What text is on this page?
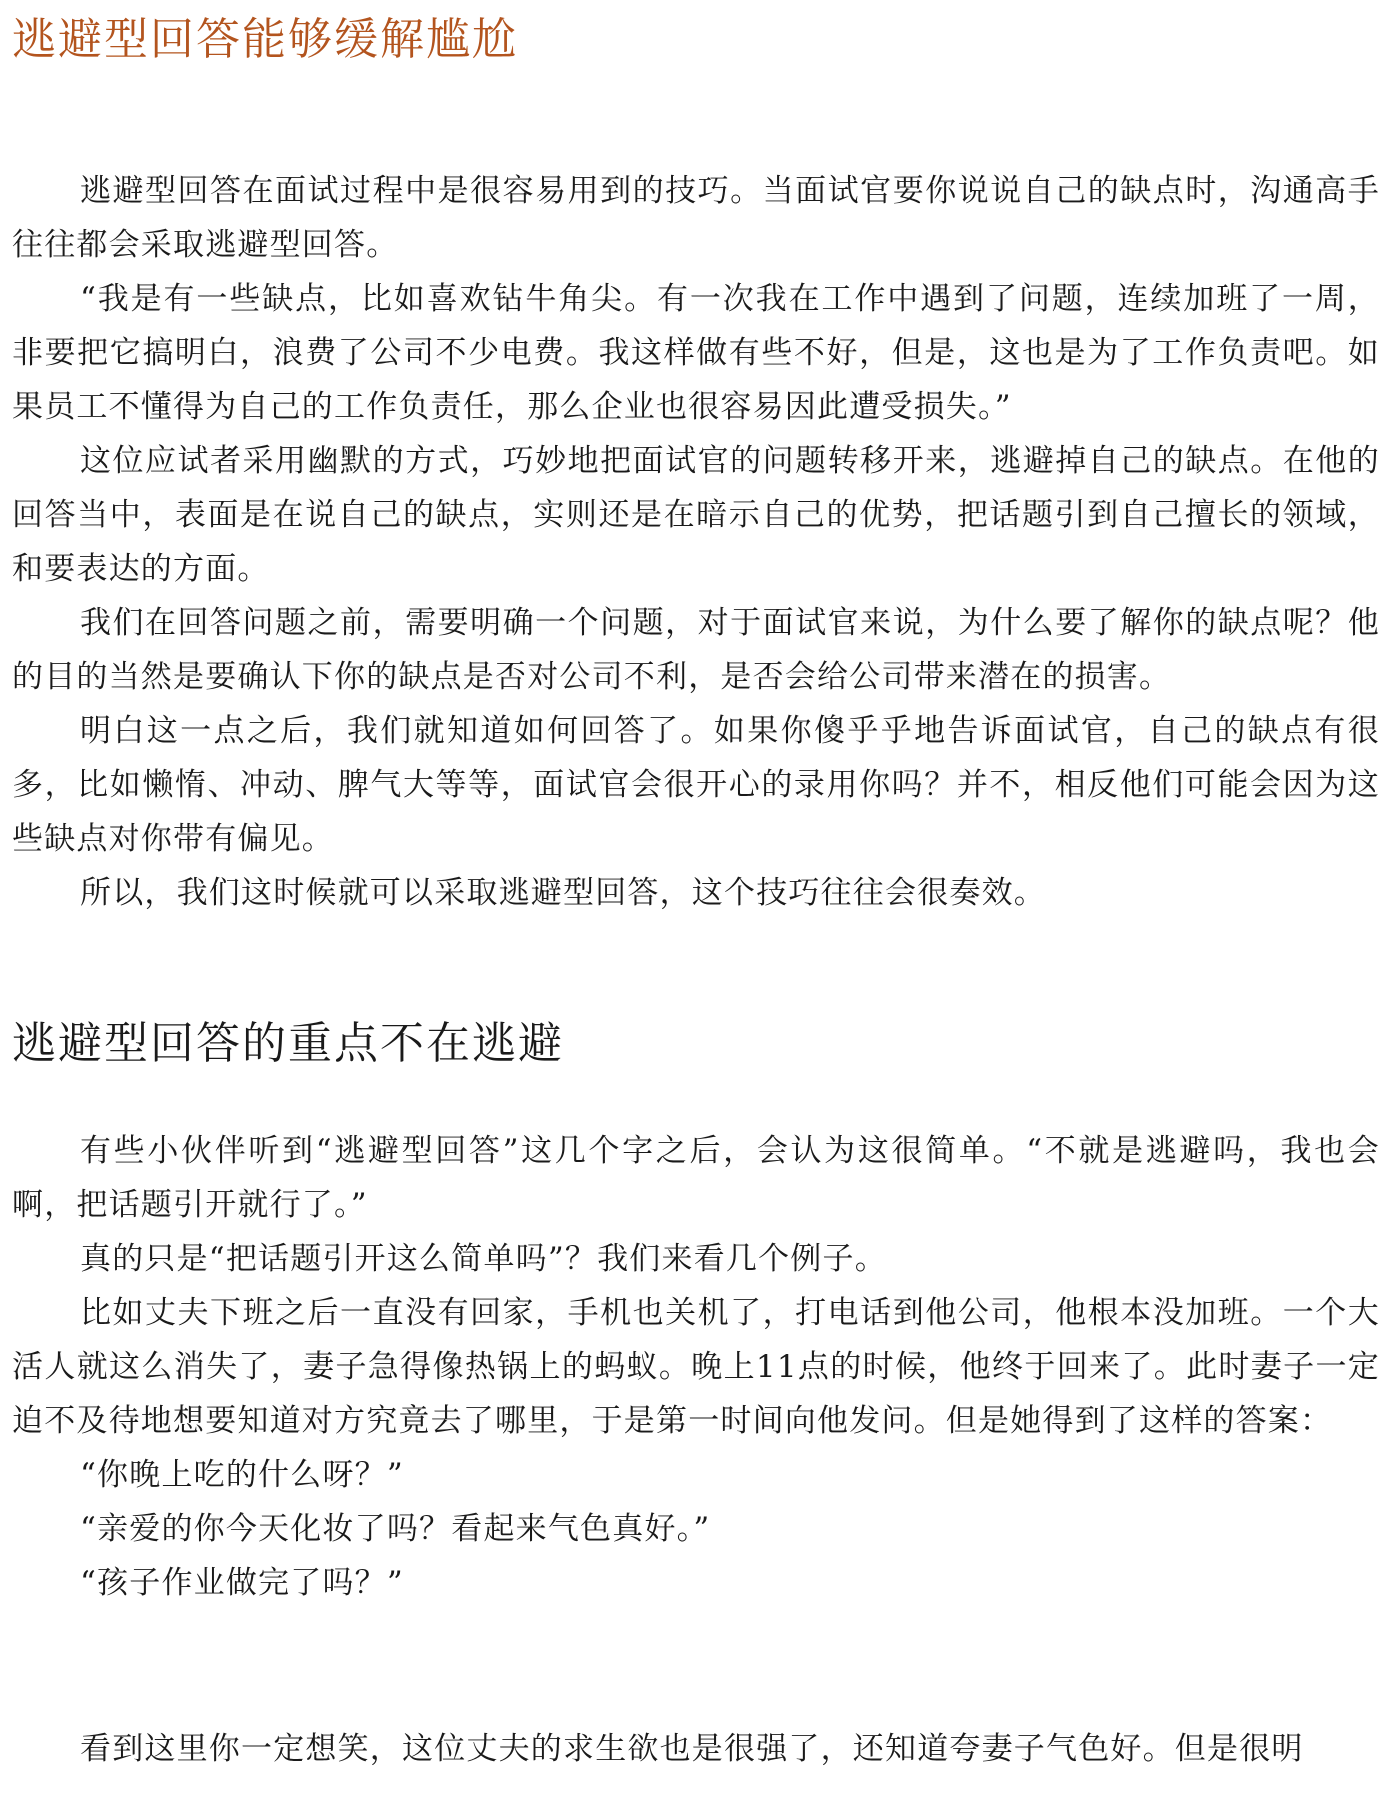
逃避型回答能够缓解尴尬

逃避型回答在面试过程中是很容易用到的技巧。当面试官要你说说自己的缺点时，沟通高手往往都会采取逃避型回答。

“我是有一些缺点，比如喜欢钻牛角尖。有一次我在工作中遇到了问题，连续加班了一周，非要把它搞明白，浪费了公司不少电费。我这样做有些不好，但是，这也是为了工作负责吧。如果员工不懂得为自己的工作负责任，那么企业也很容易因此遭受损失。”

这位应试者采用幽默的方式，巧妙地把面试官的问题转移开来，逃避掉自己的缺点。在他的回答当中，表面是在说自己的缺点，实则还是在暗示自己的优势，把话题引到自己擅长的领域，和要表达的方面。

我们在回答问题之前，需要明确一个问题，对于面试官来说，为什么要了解你的缺点呢？他的目的当然是要确认下你的缺点是否对公司不利，是否会给公司带来潜在的损害。

明白这一点之后，我们就知道如何回答了。如果你傻乎乎地告诉面试官，自己的缺点有很多，比如懒惰、冲动、脾气大等等，面试官会很开心的录用你吗？并不，相反他们可能会因为这些缺点对你带有偏见。

所以，我们这时候就可以采取逃避型回答，这个技巧往往会很奏效。

逃避型回答的重点不在逃避

有些小伙伴听到“逃避型回答”这几个字之后，会认为这很简单。“不就是逃避吗，我也会啊，把话题引开就行了。”

真的只是“把话题引开这么简单吗”？我们来看几个例子。

比如丈夫下班之后一直没有回家，手机也关机了，打电话到他公司，他根本没加班。一个大活人就这么消失了，妻子急得像热锅上的蚂蚁。晚上11点的时候，他终于回来了。此时妻子一定迫不及待地想要知道对方究竟去了哪里，于是第一时间向他发问。但是她得到了这样的答案：

“你晚上吃的什么呀？”

“亲爱的你今天化妆了吗？看起来气色真好。”

“孩子作业做完了吗？”

看到这里你一定想笑，这位丈夫的求生欲也是很强了，还知道夸妻子气色好。但是很明
